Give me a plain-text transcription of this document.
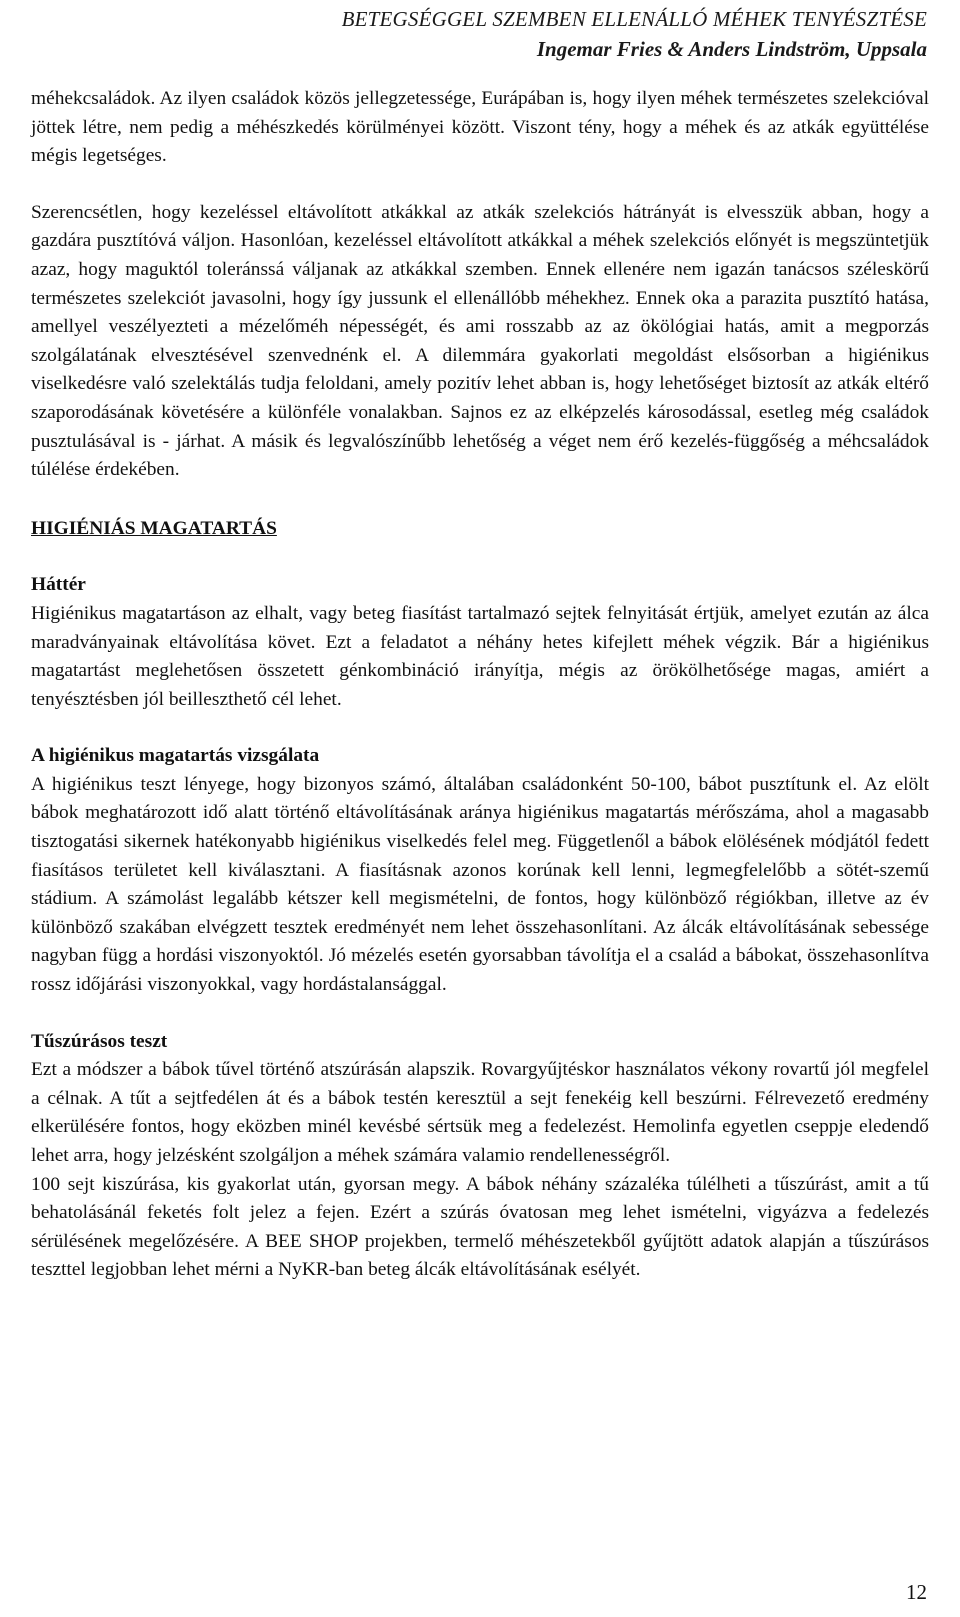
BETEGSÉGGEL SZEMBEN ELLENÁLLÓ MÉHEK TENYÉSZTÉSE
Ingemar Fries & Anders Lindström, Uppsala

méhekcsaládok. Az ilyen családok közös jellegzetessége, Eurápában is, hogy ilyen méhek természetes szelekcióval jöttek létre, nem pedig a méhészkedés körülményei között. Viszont tény, hogy a méhek és az atkák együttélése mégis legetséges.

Szerencsétlen, hogy kezeléssel eltávolított atkákkal az atkák szelekciós hátrányát is elvesszük abban, hogy a gazdára pusztítóvá váljon. Hasonlóan, kezeléssel eltávolított atkákkal a méhek szelekciós előnyét is megszüntetjük azaz, hogy maguktól toleránssá váljanak az atkákkal szemben. Ennek ellenére nem igazán tanácsos széleskörű természetes szelekciót javasolni, hogy így jussunk el ellenállóbb méhekhez. Ennek oka a parazita pusztító hatása, amellyel veszélyezteti a mézelőméh népességét, és ami rosszabb az az ökölógiai hatás, amit a megporzás szolgálatának elvesztésével szenvednénk el. A dilemmára gyakorlati megoldást elsősorban a higiénikus viselkedésre való szelektálás tudja feloldani, amely pozitív lehet abban is, hogy lehetőséget biztosít az atkák eltérő szaporodásának követésére a különféle vonalakban. Sajnos ez az elképzelés károsodással, esetleg még családok pusztulásával is - járhat. A másik és legvalószínűbb lehetőség a véget nem érő kezelés-függőség a méhcsaládok túlélése érdekében.

HIGIÉNIÁS MAGATARTÁS

Háttér

Higiénikus magatartáson az elhalt, vagy beteg fiasítást tartalmazó sejtek felnyitását értjük, amelyet ezután az álca maradványainak eltávolítása követ. Ezt a feladatot a néhány hetes kifejlett méhek végzik. Bár a higiénikus magatartást meglehetősen összetett génkombináció irányítja, mégis az örökölhetősége magas, amiért a tenyésztésben jól beilleszthető cél lehet.

A higiénikus magatartás vizsgálata

A higiénikus teszt lényege, hogy bizonyos számó, általában családonként 50-100, bábot pusztítunk el. Az elölt bábok meghatározott idő alatt történő eltávolításának aránya higiénikus magatartás mérőszáma, ahol a magasabb tisztogatási sikernek hatékonyabb higiénikus viselkedés felel meg. Függetlenől a bábok elölésének módjától fedett fiasításos területet kell kiválasztani. A fiasításnak azonos korúnak kell lenni, legmegfelelőbb a sötét-szemű stádium. A számolást legalább kétszer kell megismételni, de fontos, hogy különböző régiókban, illetve az év különböző szakában elvégzett tesztek eredményét nem lehet összehasonlítani. Az álcák eltávolításának sebessége nagyban függ a hordási viszonyoktól. Jó mézelés esetén gyorsabban távolítja el a család a bábokat, összehasonlítva rossz időjárási viszonyokkal, vagy hordástalansággal.

Tűszúrásos teszt

Ezt a módszer a bábok tűvel történő atszúrásán alapszik. Rovargyűjtéskor használatos vékony rovartű jól megfelel a célnak. A tűt a sejtfedélen át és a bábok testén keresztül a sejt fenekéig kell beszúrni. Félrevezető eredmény elkerülésére fontos, hogy eközben minél kevésbé sértsük meg a fedelezést. Hemolinfa egyetlen cseppje eledendő lehet arra, hogy jelzésként szolgáljon a méhek számára valamio rendellenességről.

100 sejt kiszúrása, kis gyakorlat után, gyorsan megy. A bábok néhány százaléka túlélheti a tűszúrást, amit a tű behatolásánál feketés folt jelez a fejen. Ezért a szúrás óvatosan meg lehet ismételni, vigyázva a fedelezés sérülésének megelőzésére. A BEE SHOP projekben, termelő méhészetekből gyűjtött adatok alapján a tűszúrásos teszttel legjobban lehet mérni a NyKR-ban beteg álcák eltávolításának esélyét.

12
